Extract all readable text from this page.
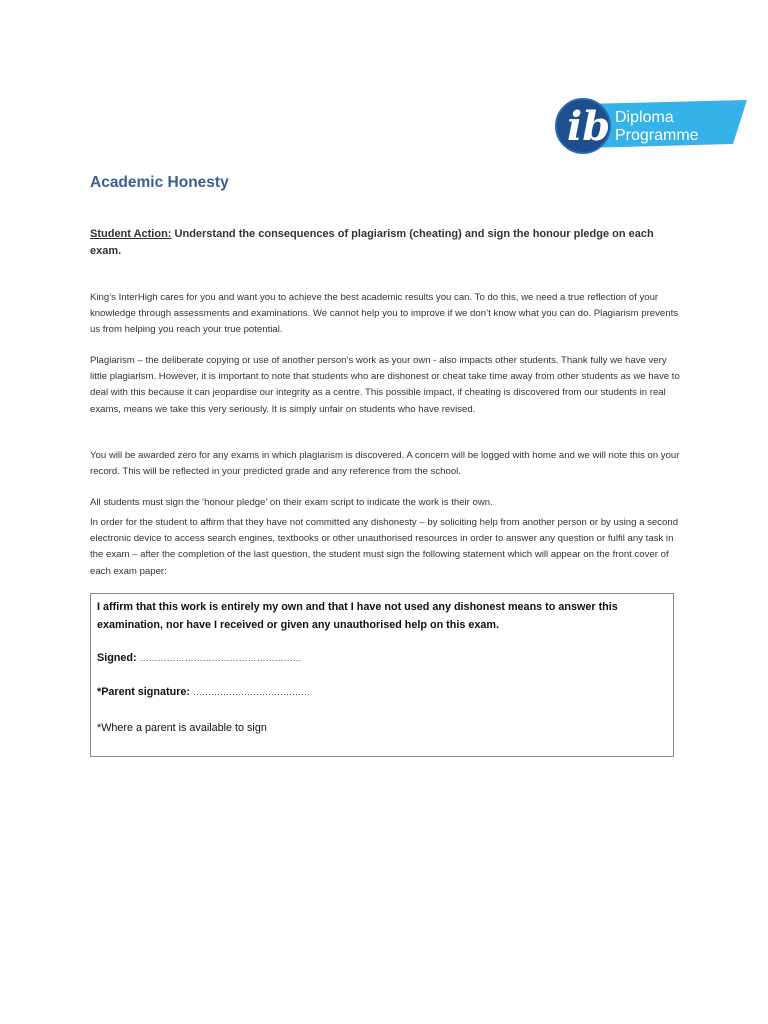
ib Diploma
Programme
Academic Honesty
Student Action: Understand the consequences of plagiarism (cheating) and sign the honour pledge on each exam.

King’s InterHigh cares for you and want you to achieve the best academic results you can. To do this, we need a true reflection of your knowledge through assessments and examinations. We cannot help you to improve if we don’t know what you can do. Plagiarism prevents us from helping you reach your true potential.

Plagiarism – the deliberate copying or use of another person’s work as your own - also impacts other students. Thank fully we have very little plagiarism. However, it is important to note that students who are dishonest or cheat take time away from other students as we have to deal with this because it can jeopardise our integrity as a centre. This possible impact, if cheating is discovered from our students in real exams, means we take this very seriously. It is simply unfair on students who have revised.

You will be awarded zero for any exams in which plagiarism is discovered. A concern will be logged with home and we will note this on your record. This will be reflected in your predicted grade and any reference from the school.

All students must sign the ‘honour pledge’ on their exam script to indicate the work is their own.

In order for the student to affirm that they have not committed any dishonesty – by soliciting help from another person or by using a second electronic device to access search engines, textbooks or other unauthorised resources in order to answer any question or fulfil any task in the exam – after the completion of the last question, the student must sign the following statement which will appear on the front cover of each exam paper:

I affirm that this work is entirely my own and that I have not used any dishonest means to answer this examination, nor have I received or given any unauthorised help on this exam.

Signed: ………………………………………………
*Parent signature: …………………………………
*Where a parent is available to sign
